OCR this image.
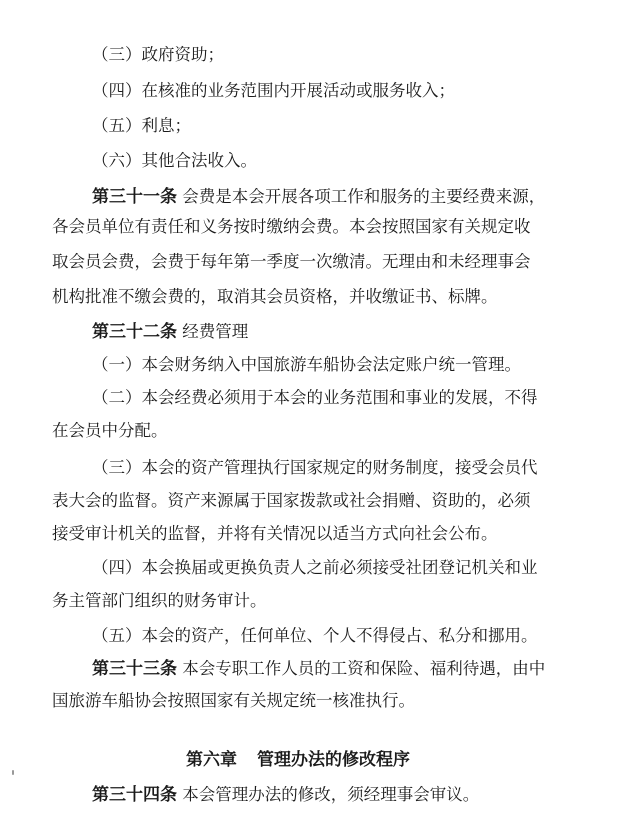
（三）政府资助；
（四）在核准的业务范围内开展活动或服务收入；
（五）利息；
（六）其他合法收入。
第三十一条 会费是本会开展各项工作和服务的主要经费来源，
各会员单位有责任和义务按时缴纳会费。本会按照国家有关规定收
取会员会费，会费于每年第一季度一次缴清。无理由和未经理事会
机构批准不缴会费的，取消其会员资格，并收缴证书、标牌。
第三十二条 经费管理
（一）本会财务纳入中国旅游车船协会法定账户统一管理。
（二）本会经费必须用于本会的业务范围和事业的发展，不得
在会员中分配。
（三）本会的资产管理执行国家规定的财务制度，接受会员代
表大会的监督。资产来源属于国家拨款或社会捐赠、资助的，必须
接受审计机关的监督，并将有关情况以适当方式向社会公布。
（四）本会换届或更换负责人之前必须接受社团登记机关和业
务主管部门组织的财务审计。
（五）本会的资产，任何单位、个人不得侵占、私分和挪用。
第三十三条 本会专职工作人员的工资和保险、福利待遇，由中
国旅游车船协会按照国家有关规定统一核准执行。
第六章 管理办法的修改程序
第三十四条 本会管理办法的修改，须经理事会审议。
